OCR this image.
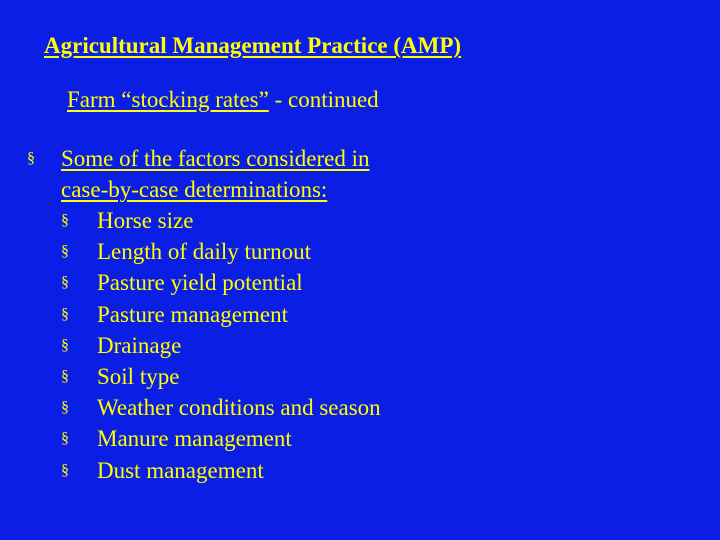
Agricultural Management Practice (AMP)
Farm “stocking rates” - continued
§ Some of the factors considered in
case-by-case determinations:
§ Horse size
§ Length of daily turnout
§ Pasture yield potential
§ Pasture management
§ Drainage
§ Soil type
§ Weather conditions and season
§ Manure management
§ Dust management
